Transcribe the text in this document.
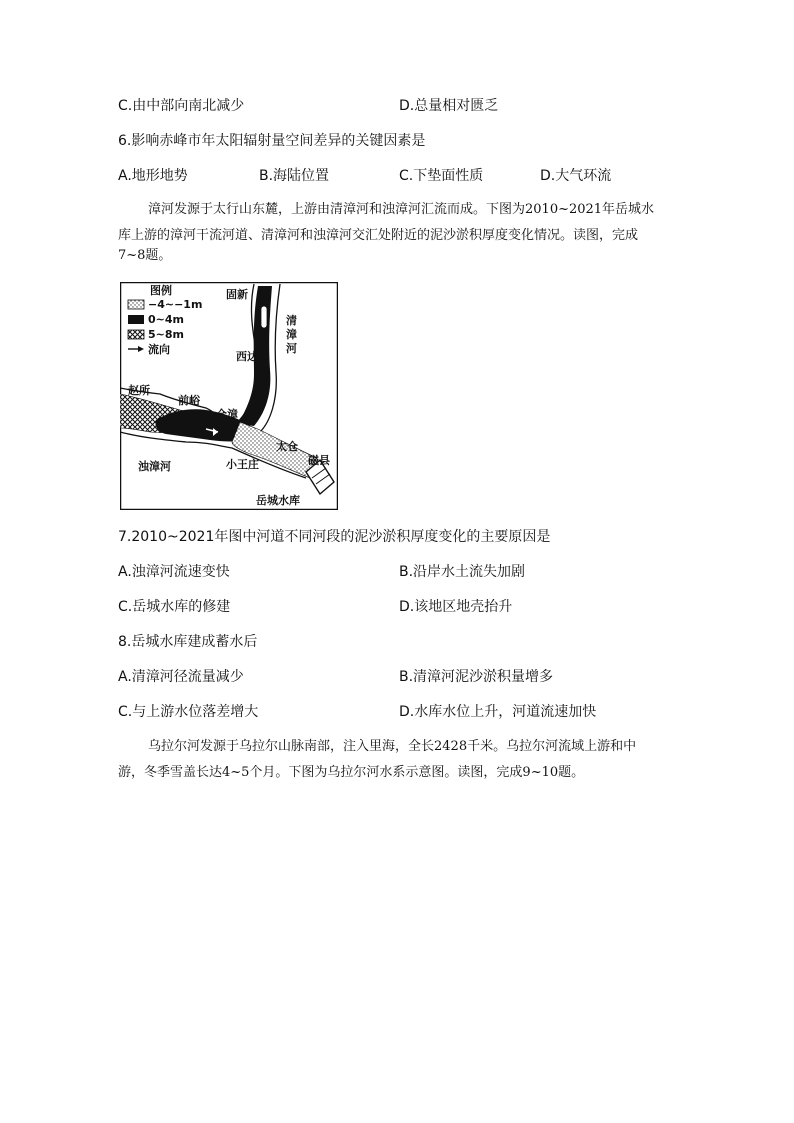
C.由中部向南北减少	D.总量相对匮乏
6.影响赤峰市年太阳辐射量空间差异的关键因素是
A.地形地势	B.海陆位置	C.下垫面性质	D.大气环流
漳河发源于太行山东麓，上游由清漳河和浊漳河汇流而成。下图为2010~2021年岳城水
库上游的漳河干流河道、清漳河和浊漳河交汇处附近的泥沙淤积厚度变化情况。读图，完成
7~8题。
图例
−4~−1m
0~4m
5~8m
流向
固新
清漳河
西达
赵所
前峪
合漳
太仓
浊漳河	小王庄	磁县
岳城水库
7.2010~2021年图中河道不同河段的泥沙淤积厚度变化的主要原因是
A.浊漳河流速变快	B.沿岸水土流失加剧
C.岳城水库的修建	D.该地区地壳抬升
8.岳城水库建成蓄水后
A.清漳河径流量减少	B.清漳河泥沙淤积量增多
C.与上游水位落差增大	D.水库水位上升，河道流速加快
乌拉尔河发源于乌拉尔山脉南部，注入里海，全长2428千米。乌拉尔河流域上游和中
游，冬季雪盖长达4~5个月。下图为乌拉尔河水系示意图。读图，完成9~10题。
